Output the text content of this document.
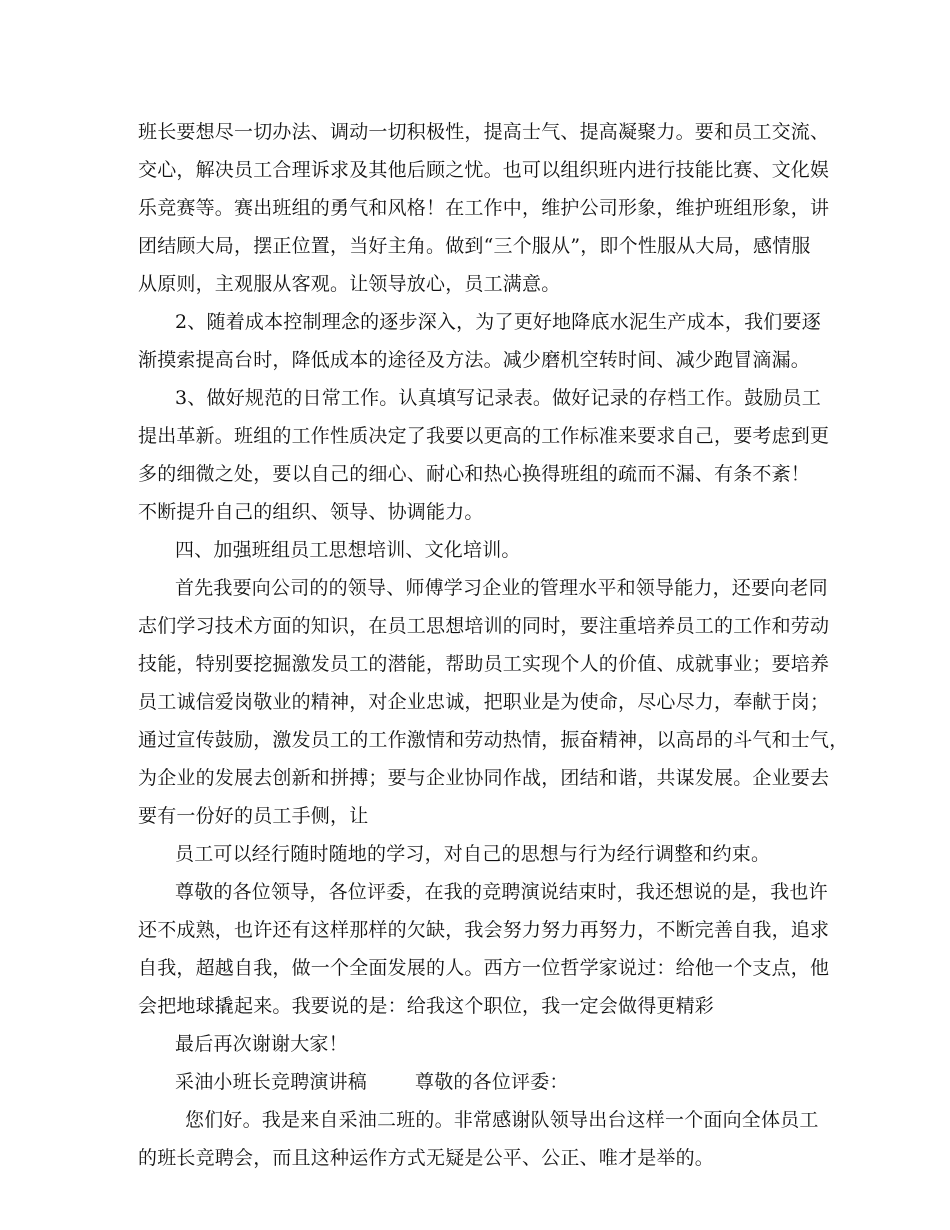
班长要想尽一切办法、调动一切积极性，提高士气、提高凝聚力。要和员工交流、
交心，解决员工合理诉求及其他后顾之忧。也可以组织班内进行技能比赛、文化娱
乐竞赛等。赛出班组的勇气和风格！在工作中，维护公司形象，维护班组形象，讲
团结顾大局，摆正位置，当好主角。做到“三个服从”，即个性服从大局，感情服
从原则，主观服从客观。让领导放心，员工满意。
2、随着成本控制理念的逐步深入，为了更好地降底水泥生产成本，我们要逐
渐摸索提高台时，降低成本的途径及方法。减少磨机空转时间、减少跑冒滴漏。
3、做好规范的日常工作。认真填写记录表。做好记录的存档工作。鼓励员工
提出革新。班组的工作性质决定了我要以更高的工作标准来要求自己，要考虑到更
多的细微之处，要以自己的细心、耐心和热心换得班组的疏而不漏、有条不紊！
不断提升自己的组织、领导、协调能力。
四、加强班组员工思想培训、文化培训。
首先我要向公司的的领导、师傅学习企业的管理水平和领导能力，还要向老同
志们学习技术方面的知识，在员工思想培训的同时，要注重培养员工的工作和劳动
技能，特别要挖掘激发员工的潜能，帮助员工实现个人的价值、成就事业；要培养
员工诚信爱岗敬业的精神，对企业忠诚，把职业是为使命，尽心尽力，奉献于岗；
通过宣传鼓励，激发员工的工作激情和劳动热情，振奋精神，以高昂的斗气和士气，
为企业的发展去创新和拼搏；要与企业协同作战，团结和谐，共谋发展。企业要去
要有一份好的员工手侧，让
员工可以经行随时随地的学习，对自己的思想与行为经行调整和约束。
尊敬的各位领导，各位评委，在我的竞聘演说结束时，我还想说的是，我也许
还不成熟，也许还有这样那样的欠缺，我会努力努力再努力，不断完善自我，追求
自我，超越自我，做一个全面发展的人。西方一位哲学家说过：给他一个支点，他
会把地球撬起来。我要说的是：给我这个职位，我一定会做得更精彩
最后再次谢谢大家！
采油小班长竞聘演讲稿	尊敬的各位评委：
您们好。我是来自采油二班的。非常感谢队领导出台这样一个面向全体员工
的班长竞聘会，而且这种运作方式无疑是公平、公正、唯才是举的。
